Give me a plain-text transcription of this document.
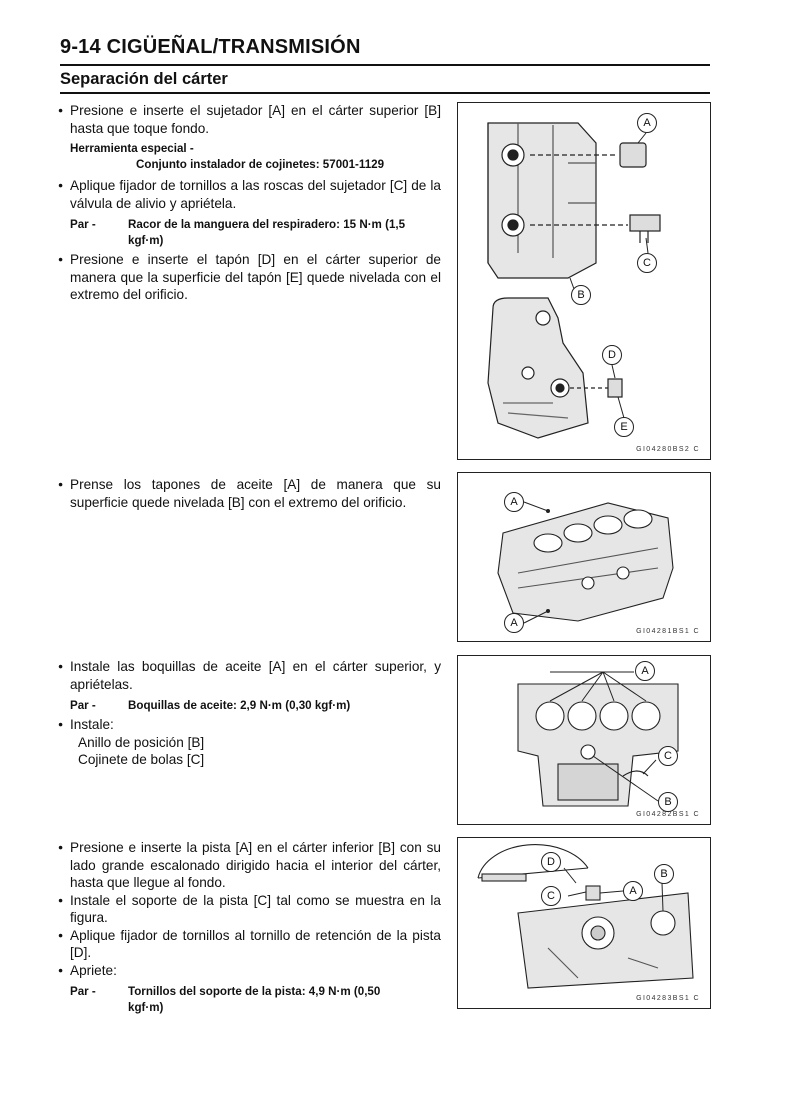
9-14 CIGÜEÑAL/TRANSMISIÓN
Separación del cárter

● Presione e inserte el sujetador [A] en el cárter superior [B] hasta que toque fondo.

Herramienta especial -

Conjunto instalador de cojinetes: 57001-1129

● Aplique fijador de tornillos a las roscas del sujetador [C] de la válvula de alivio y apriételа.

Par -	Racor de la manguera del respiradero: 15 N·m (1,5
kgf·m)

● Presione e inserte el tapón [D] en el cárter superior de manera que la superficie del tapón [E] quede nivelada con el extremo del orificio.

● Prense los tapones de aceite [A] de manera que su superficie quede nivelada [B] con el extremo del orificio.

● Instale las boquillas de aceite [A] en el cárter superior, y apriételas.

Par -	Boquillas de aceite: 2,9 N·m (0,30 kgf·m)

● Instale:

Anillo de posición [B]

Cojinete de bolas [C]

● Presione e inserte la pista [A] en el cárter inferior [B] con su lado grande escalonado dirigido hacia el interior del cárter, hasta que llegue al fondo.

● Instale el soporte de la pista [C] tal como se muestra en la figura.

● Aplique fijador de tornillos al tornillo de retención de la pista [D].

● Apriete:

Par -	Tornillos del soporte de la pista: 4,9 N·m (0,50
kgf·m)
A
B
C
D
E
GI04280BS2 C
A
A
GI04281BS1 C
A
B
C
GI04282BS1 C
D
C	A
B
GI04283BS1 C
